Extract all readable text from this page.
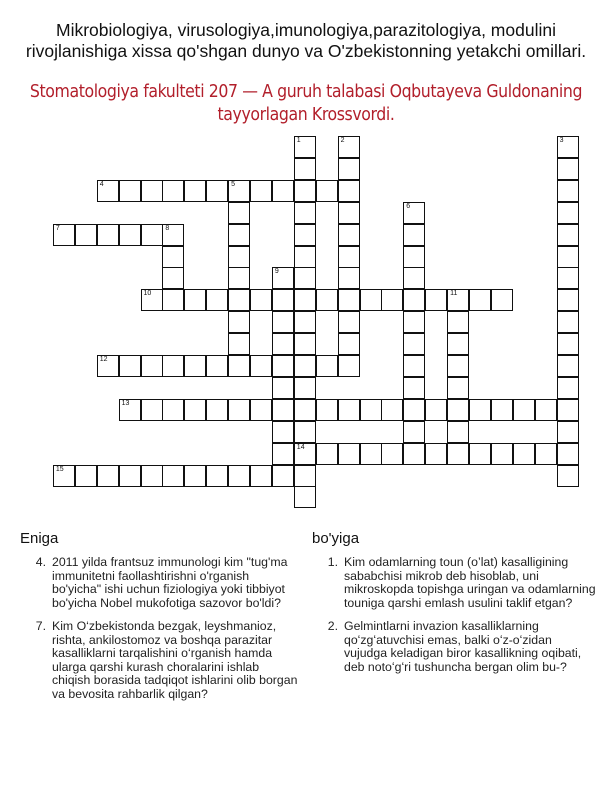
Mikrobiologiya, virusologiya,imunologiya,parazitologiya, modulini rivojlanishiga xissa qo'shgan dunyo va O'zbekistonning yetakchi omillari.
Stomatologiya fakulteti 207 — A guruh talabasi Oqbutayeva Guldonaning tayyorlagan Krossvordi.
1
14
2	3
4	5
6
7	8
9
10	11
12
13
15
Eniga
4. 2011 yilda frantsuz immunologi kim "tug'ma immunitetni faollashtirishni o'rganish bo'yicha" ishi uchun fiziologiya yoki tibbiyot bo'yicha Nobel mukofotiga sazovor bo'ldi?
7. Kim O‘zbekistonda bezgak, leyshmanioz, rishta, ankilostomoz va boshqa parazitar kasalliklarni tarqalishini o‘rganish hamda ularga qarshi kurash choralarini ishlab chiqish borasida tadqiqot ishlarini olib borgan va bevosita rahbarlik qilgan?
bo'yiga
1. Kim odamlarning toun (o’lat) kasalligining
sababchisi mikrob deb hisoblab, uni mikroskopda topishga uringan va odamlarning touniga qarshi emlash usulini taklif etgan?
2. Gelmintlarni invazion kasalliklarning qoʻzgʻatuvchisi emas, balki oʻz-oʻzidan vujudga keladigan biror kasallikning oqibati, deb notoʻgʻri tushuncha bergan olim bu-?
